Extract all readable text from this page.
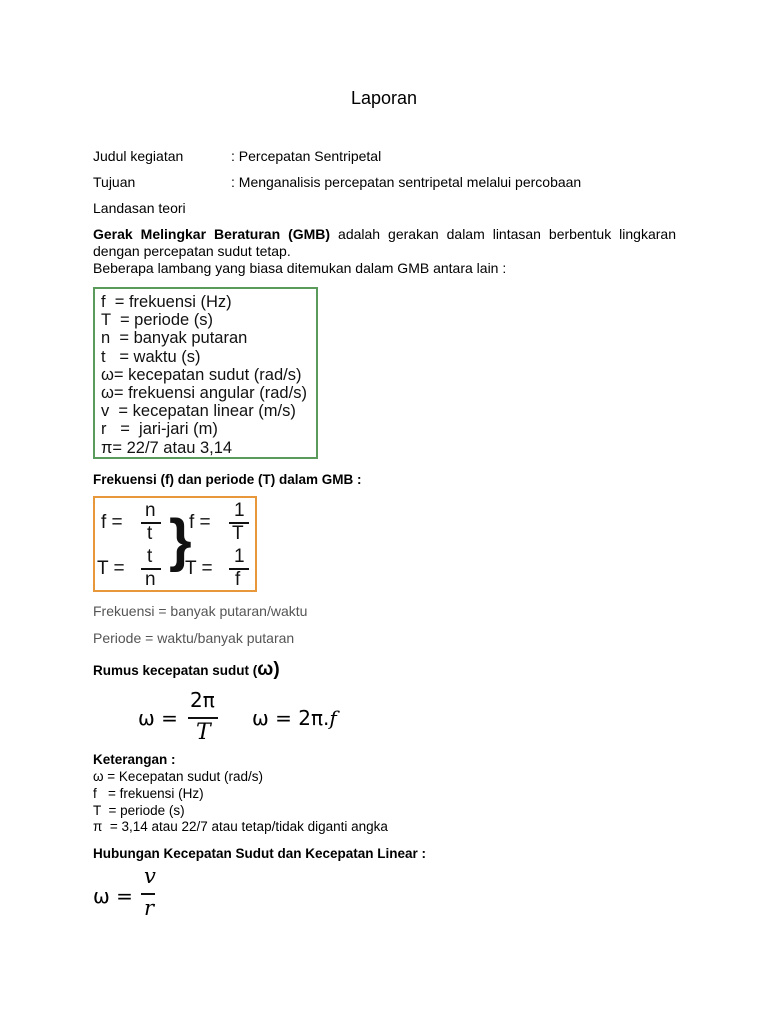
Laporan
Judul kegiatan	: Percepatan Sentripetal
Tujuan	: Menganalisis percepatan sentripetal melalui percobaan
Landasan teori
Gerak Melingkar Beraturan (GMB) adalah gerakan dalam lintasan berbentuk lingkaran dengan percepatan sudut tetap.
Beberapa lambang yang biasa ditemukan dalam GMB antara lain :
f  = frekuensi (Hz)
T  = periode (s)
n  = banyak putaran
t   = waktu (s)
ω= kecepatan sudut (rad/s)
ω= frekuensi angular (rad/s)
v  = kecepatan linear (m/s)
r   =  jari-jari (m)
π= 22/7 atau 3,14
Frekuensi (f) dan periode (T) dalam GMB :
f =
n
t
T =
t
n
}
f =
1
T
T =
1
f
Frekuensi = banyak putaran/waktu
Periode = waktu/banyak putaran
Rumus kecepatan sudut (ω)
ω =
2π
T
ω = 2π.f
Keterangan :
ω = Kecepatan sudut (rad/s)
f   = frekuensi (Hz)
T  = periode (s)
π  = 3,14 atau 22/7 atau tetap/tidak diganti angka
Hubungan Kecepatan Sudut dan Kecepatan Linear :
ω =
v
r
